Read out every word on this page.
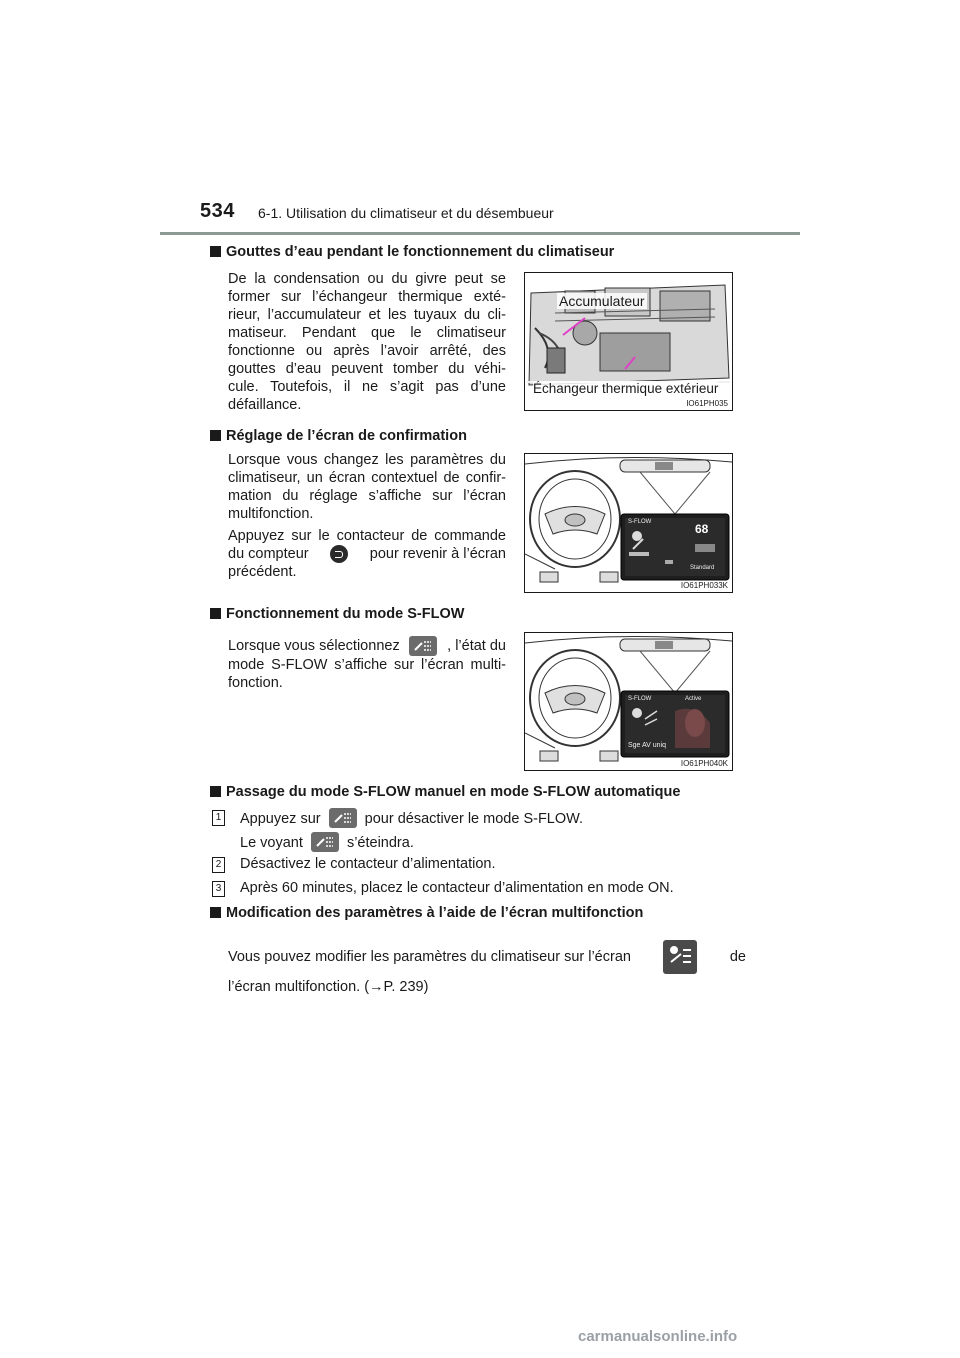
534 6-1. Utilisation du climatiseur et du désembueur
Gouttes d’eau pendant le fonctionnement du climatiseur
De la condensation ou du givre peut se
former sur l’échangeur thermique exté-
rieur, l’accumulateur et les tuyaux du cli-
matiseur. Pendant que le climatiseur
fonctionne ou après l’avoir arrêté, des
gouttes d’eau peuvent tomber du véhi-
cule. Toutefois, il ne s’agit pas d’une
défaillance.
Accumulateur
Échangeur thermique extérieur
IO61PH035
Réglage de l’écran de confirmation
Lorsque vous changez les paramètres du
climatiseur, un écran contextuel de confir-
mation du réglage s’affiche sur l’écran
multifonction.
Appuyez sur le contacteur de commande
du compteur	pour revenir à l’écran
précédent.
S-FLOW	68
Standard
IO61PH033K
Fonctionnement du mode S-FLOW
Lorsque vous sélectionnez	, l’état du
mode S-FLOW s’affiche sur l’écran multi-
fonction.
S-FLOW	Active
Sge AV uniq
IO61PH040K
Passage du mode S-FLOW manuel en mode S-FLOW automatique
1 Appuyez sur	pour désactiver le mode S-FLOW.
Le voyant	s’éteindra.
2 Désactivez le contacteur d’alimentation.
3 Après 60 minutes, placez le contacteur d’alimentation en mode ON.
Modification des paramètres à l’aide de l’écran multifonction
Vous pouvez modifier les paramètres du climatiseur sur l’écran	de
l’écran multifonction. (→P. 239)
carmanualsonline.info
